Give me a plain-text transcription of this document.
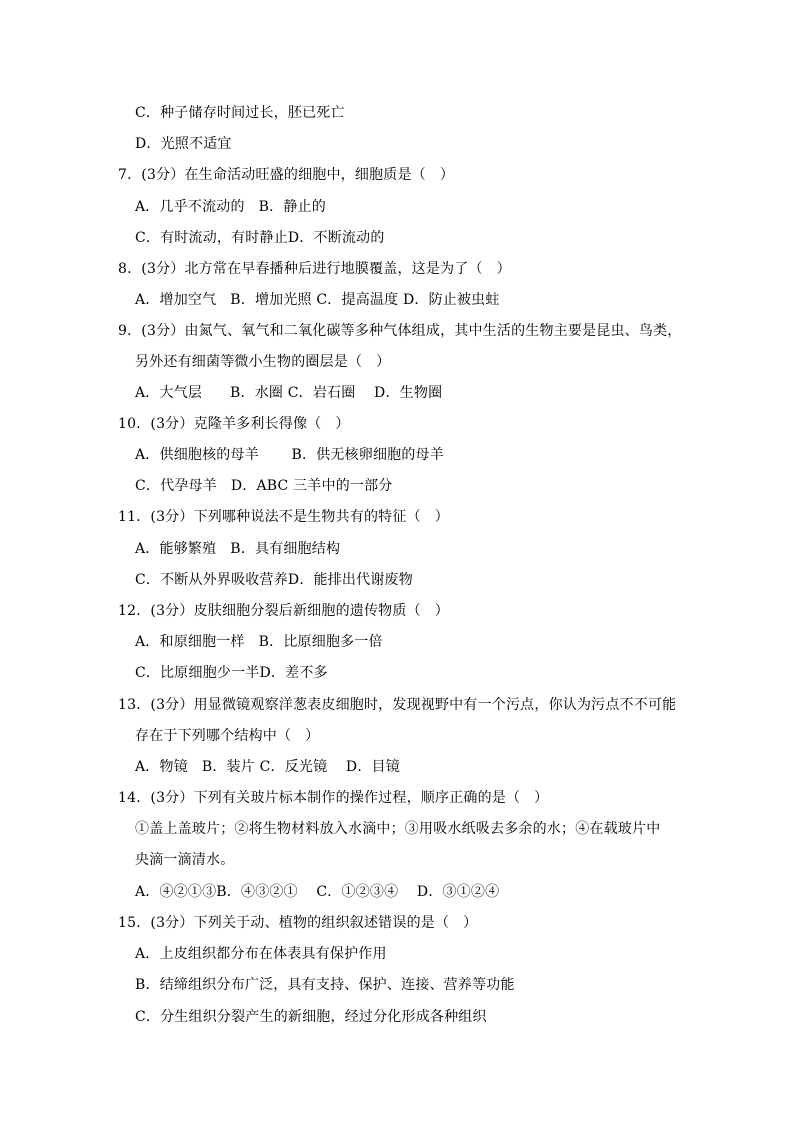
C．种子储存时间过长，胚已死亡
D．光照不适宜
7．(3分）在生命活动旺盛的细胞中，细胞质是（   ）
A．几乎不流动的   B．静止的
C．有时流动，有时静止D．不断流动的
8．(3分）北方常在早春播种后进行地膜覆盖，这是为了（   ）
A．增加空气   B．增加光照 C．提高温度 D．防止被虫蛀
9．(3分）由氮气、氧气和二氧化碳等多种气体组成，其中生活的生物主要是昆虫、鸟类，
另外还有细菌等微小生物的圈层是（   ）
A．大气层      B．水圈 C．岩石圈    D．生物圈
10．(3分）克隆羊多利长得像（   ）
A．供细胞核的母羊       B．供无核卵细胞的母羊
C．代孕母羊   D．ABC 三羊中的一部分
11．(3分）下列哪种说法不是生物共有的特征（   ）
A．能够繁殖   B．具有细胞结构
C．不断从外界吸收营养D．能排出代谢废物
12．(3分）皮肤细胞分裂后新细胞的遗传物质（   ）
A．和原细胞一样   B．比原细胞多一倍
C．比原细胞少一半D．差不多
13．(3分）用显微镜观察洋葱表皮细胞时，发现视野中有一个污点，你认为污点不不可能
存在于下列哪个结构中（   ）
A．物镜   B．装片 C．反光镜    D．目镜
14．(3分）下列有关玻片标本制作的操作过程，顺序正确的是（   ）
①盖上盖玻片；②将生物材料放入水滴中；③用吸水纸吸去多余的水；④在载玻片中
央滴一滴清水。
A．④②①③B．④③②①    C．①②③④    D．③①②④
15．(3分）下列关于动、植物的组织叙述错误的是（   ）
A．上皮组织都分布在体表具有保护作用
B．结缔组织分布广泛，具有支持、保护、连接、营养等功能
C．分生组织分裂产生的新细胞，经过分化形成各种组织
